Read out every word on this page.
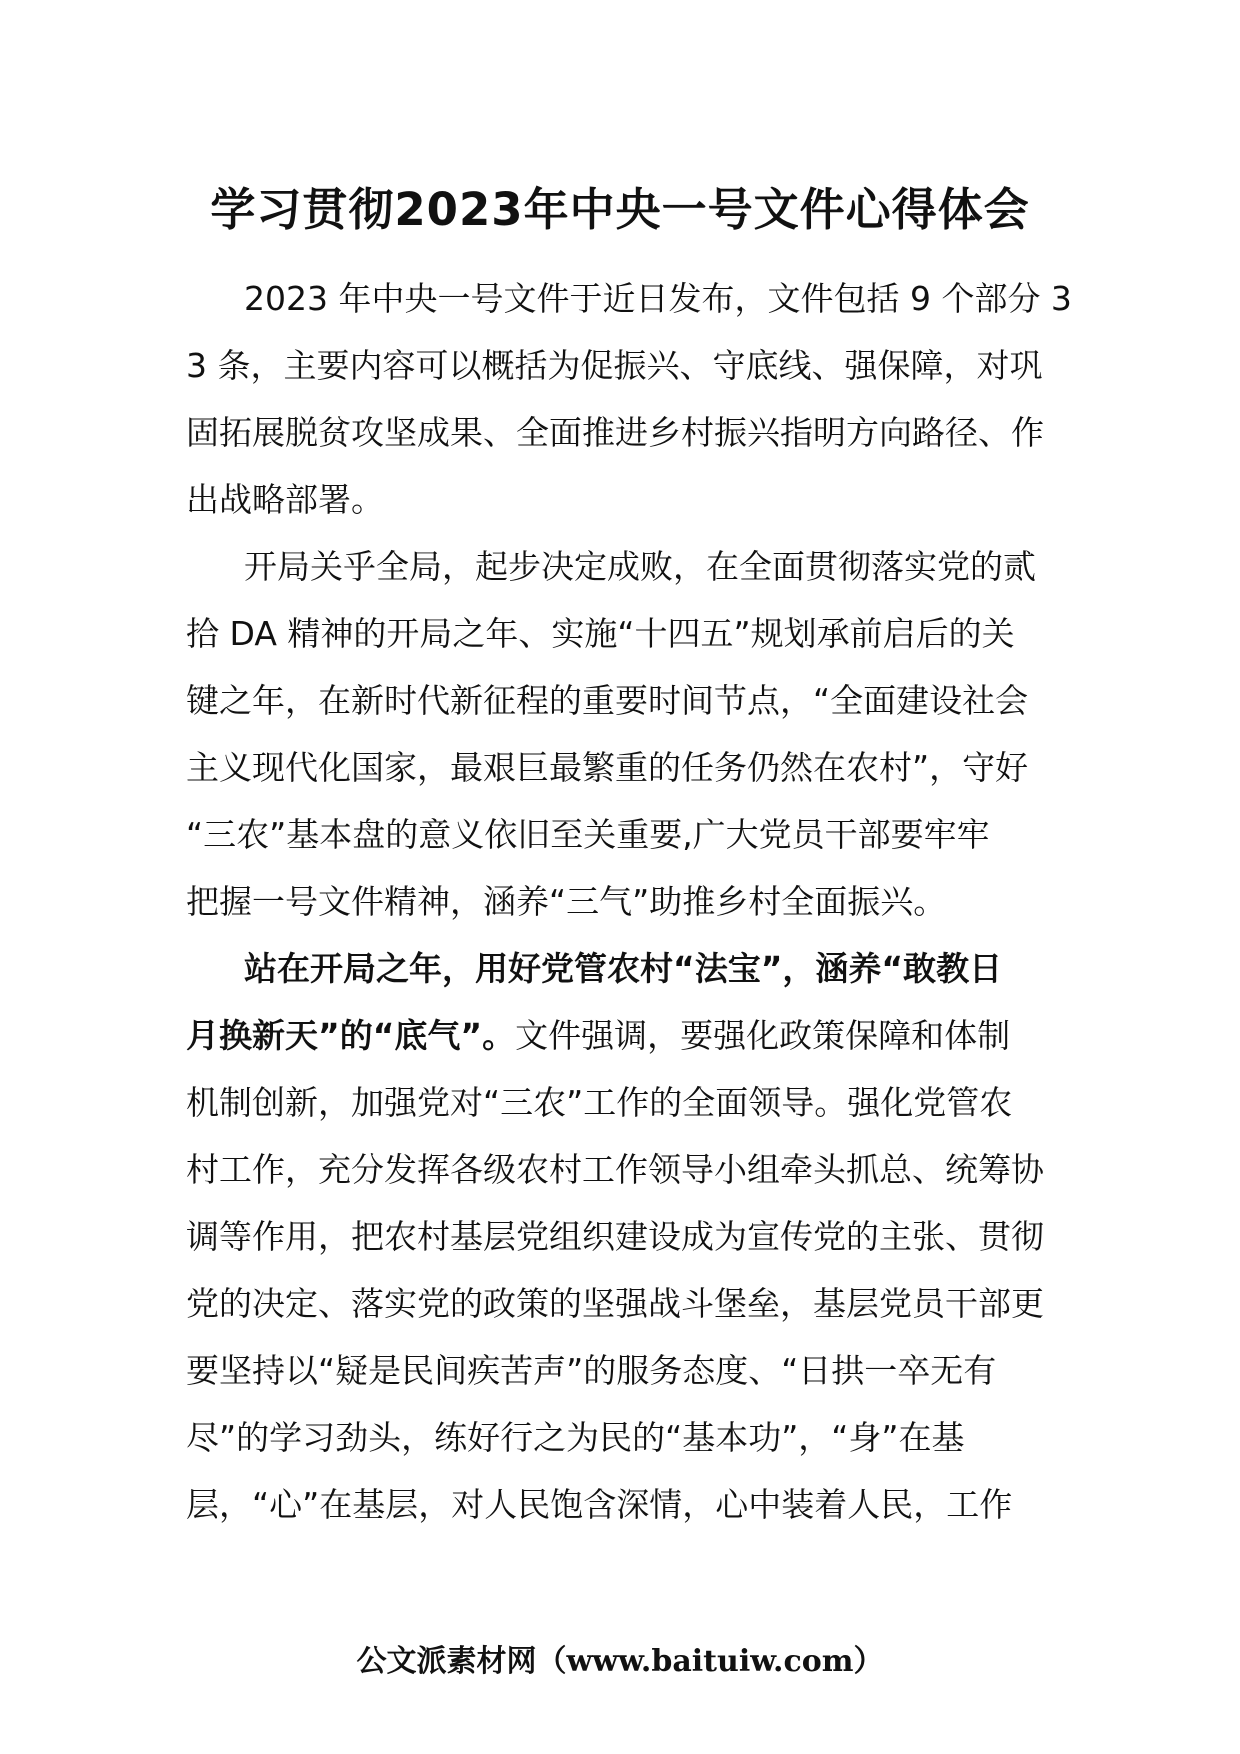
学习贯彻2023年中央一号文件心得体会
2023 年中央一号文件于近日发布，文件包括 9 个部分 3
3 条，主要内容可以概括为促振兴、守底线、强保障，对巩
固拓展脱贫攻坚成果、全面推进乡村振兴指明方向路径、作
出战略部署。
开局关乎全局，起步决定成败，在全面贯彻落实党的贰
拾 DA 精神的开局之年、实施“十四五”规划承前启后的关
键之年，在新时代新征程的重要时间节点，“全面建设社会
主义现代化国家，最艰巨最繁重的任务仍然在农村”，守好
“三农”基本盘的意义依旧至关重要,广大党员干部要牢牢
把握一号文件精神，涵养“三气”助推乡村全面振兴。
站在开局之年，用好党管农村“法宝”，涵养“敢教日
月换新天”的“底气”。文件强调，要强化政策保障和体制
机制创新，加强党对“三农”工作的全面领导。强化党管农
村工作，充分发挥各级农村工作领导小组牵头抓总、统筹协
调等作用，把农村基层党组织建设成为宣传党的主张、贯彻
党的决定、落实党的政策的坚强战斗堡垒，基层党员干部更
要坚持以“疑是民间疾苦声”的服务态度、“日拱一卒无有
尽”的学习劲头，练好行之为民的“基本功”，“身”在基
层，“心”在基层，对人民饱含深情，心中装着人民，工作
公文派素材网（www.baituiw.com）
